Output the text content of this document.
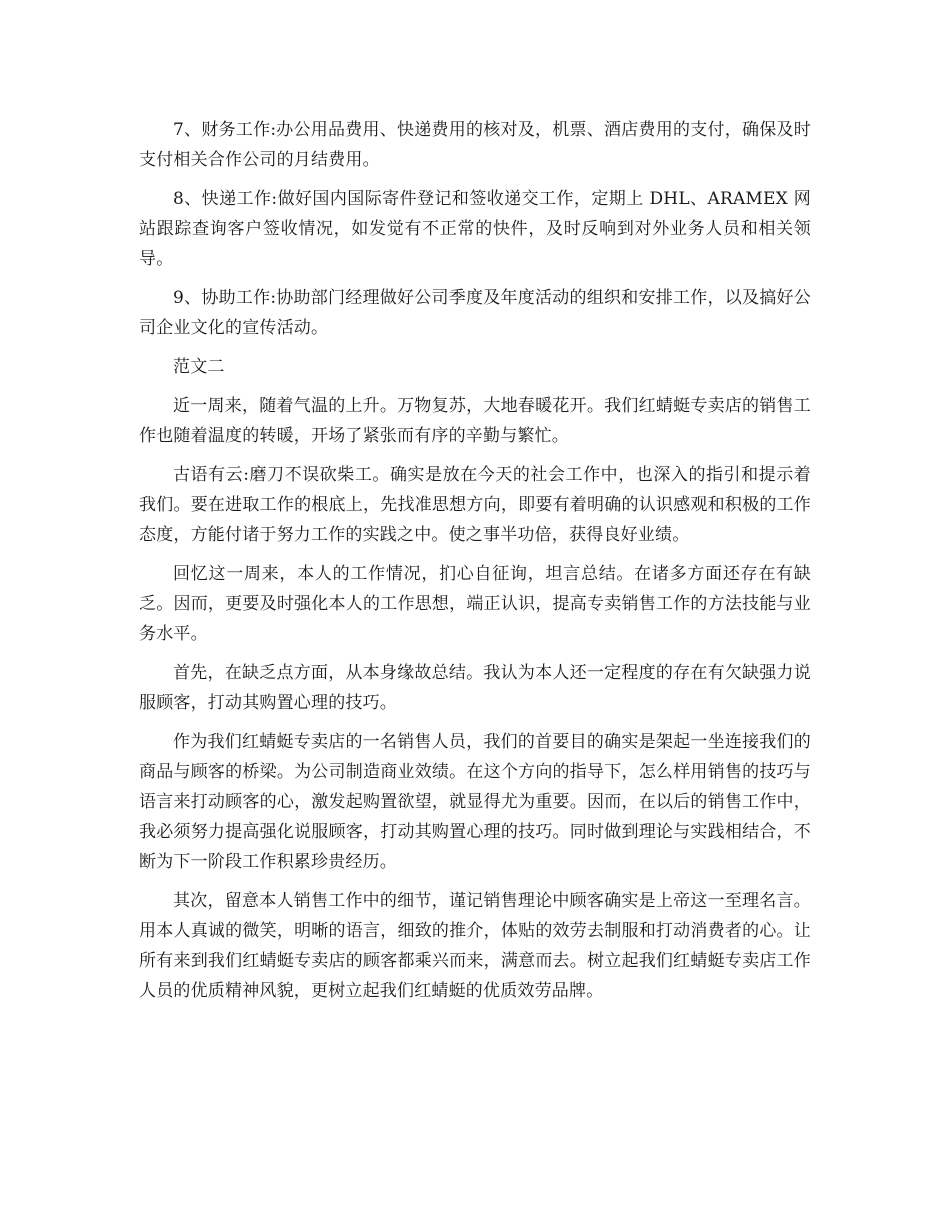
7、财务工作:办公用品费用、快递费用的核对及，机票、酒店费用的支付，确保及时支付相关合作公司的月结费用。

8、快递工作:做好国内国际寄件登记和签收递交工作，定期上 DHL、ARAMEX 网站跟踪查询客户签收情况，如发觉有不正常的快件，及时反响到对外业务人员和相关领导。

9、协助工作:协助部门经理做好公司季度及年度活动的组织和安排工作，以及搞好公司企业文化的宣传活动。

范文二

近一周来，随着气温的上升。万物复苏，大地春暖花开。我们红蜻蜓专卖店的销售工作也随着温度的转暖，开场了紧张而有序的辛勤与繁忙。

古语有云:磨刀不误砍柴工。确实是放在今天的社会工作中，也深入的指引和提示着我们。要在进取工作的根底上，先找准思想方向，即要有着明确的认识感观和积极的工作态度，方能付诸于努力工作的实践之中。使之事半功倍，获得良好业绩。

回忆这一周来，本人的工作情况，扪心自征询，坦言总结。在诸多方面还存在有缺乏。因而，更要及时强化本人的工作思想，端正认识，提高专卖销售工作的方法技能与业务水平。

首先，在缺乏点方面，从本身缘故总结。我认为本人还一定程度的存在有欠缺强力说服顾客，打动其购置心理的技巧。

作为我们红蜻蜓专卖店的一名销售人员，我们的首要目的确实是架起一坐连接我们的商品与顾客的桥梁。为公司制造商业效绩。在这个方向的指导下，怎么样用销售的技巧与语言来打动顾客的心，激发起购置欲望，就显得尤为重要。因而，在以后的销售工作中，我必须努力提高强化说服顾客，打动其购置心理的技巧。同时做到理论与实践相结合，不断为下一阶段工作积累珍贵经历。

其次，留意本人销售工作中的细节，谨记销售理论中顾客确实是上帝这一至理名言。用本人真诚的微笑，明晰的语言，细致的推介，体贴的效劳去制服和打动消费者的心。让所有来到我们红蜻蜓专卖店的顾客都乘兴而来，满意而去。树立起我们红蜻蜓专卖店工作人员的优质精神风貌，更树立起我们红蜻蜓的优质效劳品牌。
